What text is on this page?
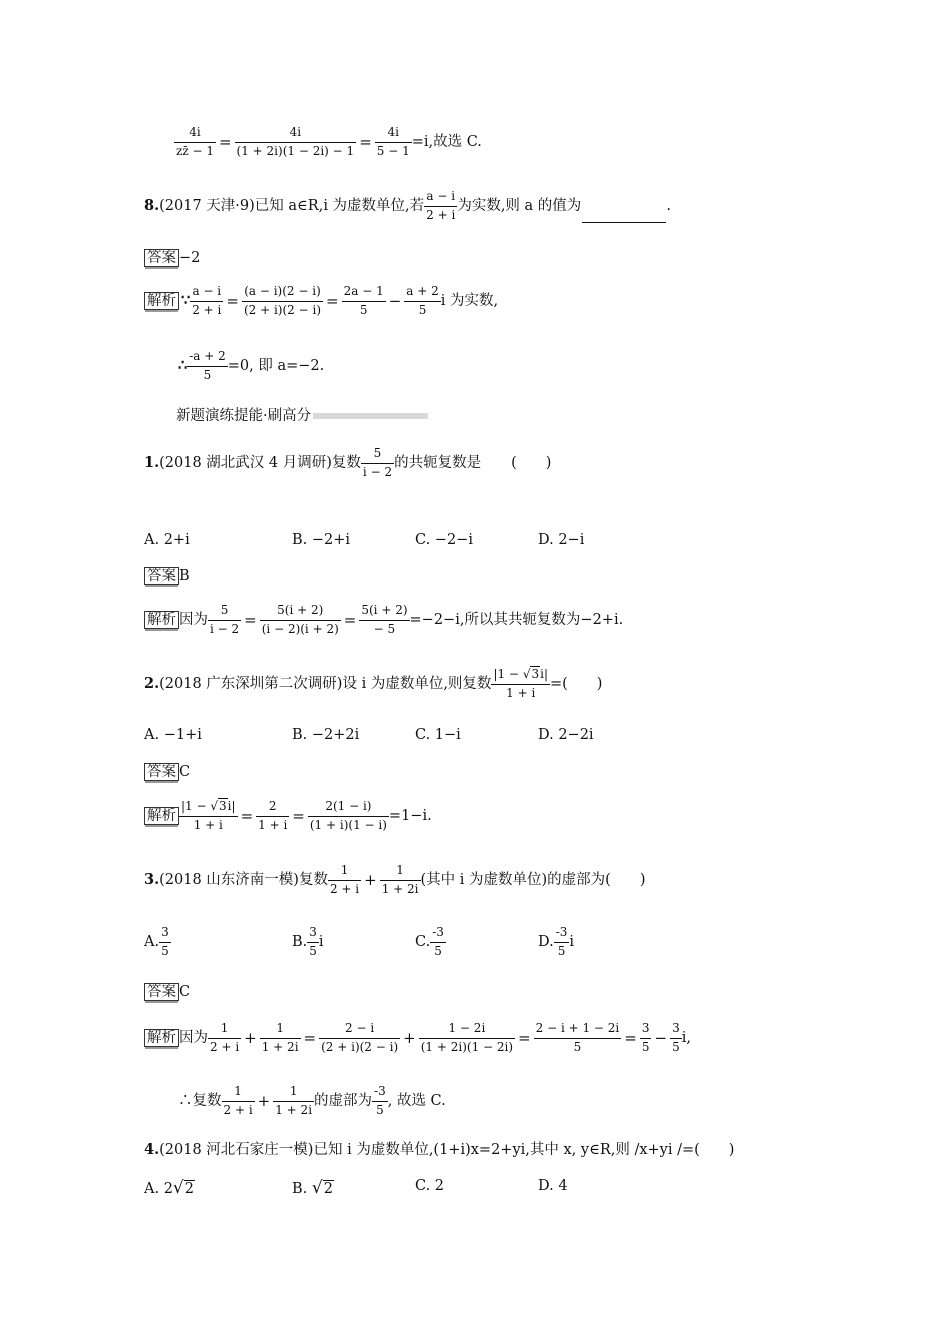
$\frac{4i}{zz̄ - 1} = \frac{4i}{(1 + 2i)(1 - 2i) - 1} = \frac{4i}{5 - 1} =i$,故选 C.
8.(2017 天津·9)已知 a∈R,i 为虚数单位,若 $\frac{a - i}{2 + i}$ 为实数,则 a 的值为	.
答案 −2
解析 ∵ $\frac{a - i}{2 + i} = \frac{(a - i)(2 - i)}{(2 + i)(2 - i)} = \frac{2a - 1}{5} - \frac{a + 2}{5}$ i 为实数,
∴ $\frac{-a + 2}{5} =0$, 即 a=−2.
新题演练提能·刷高分
1.(2018 湖北武汉 4 月调研)复数 $\frac{5}{i - 2}$ 的共轭复数是 (　　)
A. 2+i	B. −2+i	C. −2−i	D. 2−i
答案 B
解析 因为 $\frac{5}{i - 2} = \frac{5(i + 2)}{(i - 2)(i + 2)} = \frac{5(i + 2)}{- 5} =-2-i$,所以其共轭复数为−2+i.
2.(2018 广东深圳第二次调研)设 i 为虚数单位,则复数 $\frac{|1 - √3i|}{1 + i}$ =(　　)
A. −1+i	B. −2+2i	C. 1−i	D. 2−2i
答案 C
解析 $\frac{|1 - √3i|}{1 + i} = \frac{2}{1 + i} = \frac{2(1 - i)}{(1 + i)(1 - i)} =1-i$.
3.(2018 山东济南一模)复数 $\frac{1}{2 + i} + \frac{1}{1 + 2i}$ (其中 i 为虚数单位)的虚部为(　　)
A. $\frac{3}{5}$	B. $\frac{3}{5}$ i	C. $\frac{-3}{5}$	D. $\frac{-3}{5}$ i
答案 C
解析 因为 $\frac{1}{2 + i} + \frac{1}{1 + 2i} = \frac{2 - i}{(2 + i)(2 - i)} + \frac{1 - 2i}{(1 + 2i)(1 - 2i)} = \frac{2 - i + 1 - 2i}{5} = \frac{3}{5} - \frac{3}{5} i$,
∴复数 $\frac{1}{2 + i} + \frac{1}{1 + 2i}$ 的虚部为 $\frac{-3}{5}$ , 故选 C.
4.(2018 河北石家庄一模)已知 i 为虚数单位,(1+i)x=2+yi,其中 x, y∈R,则 /x+yi /=(　　)
A. 2√2	B. √2	C. 2	D. 4
